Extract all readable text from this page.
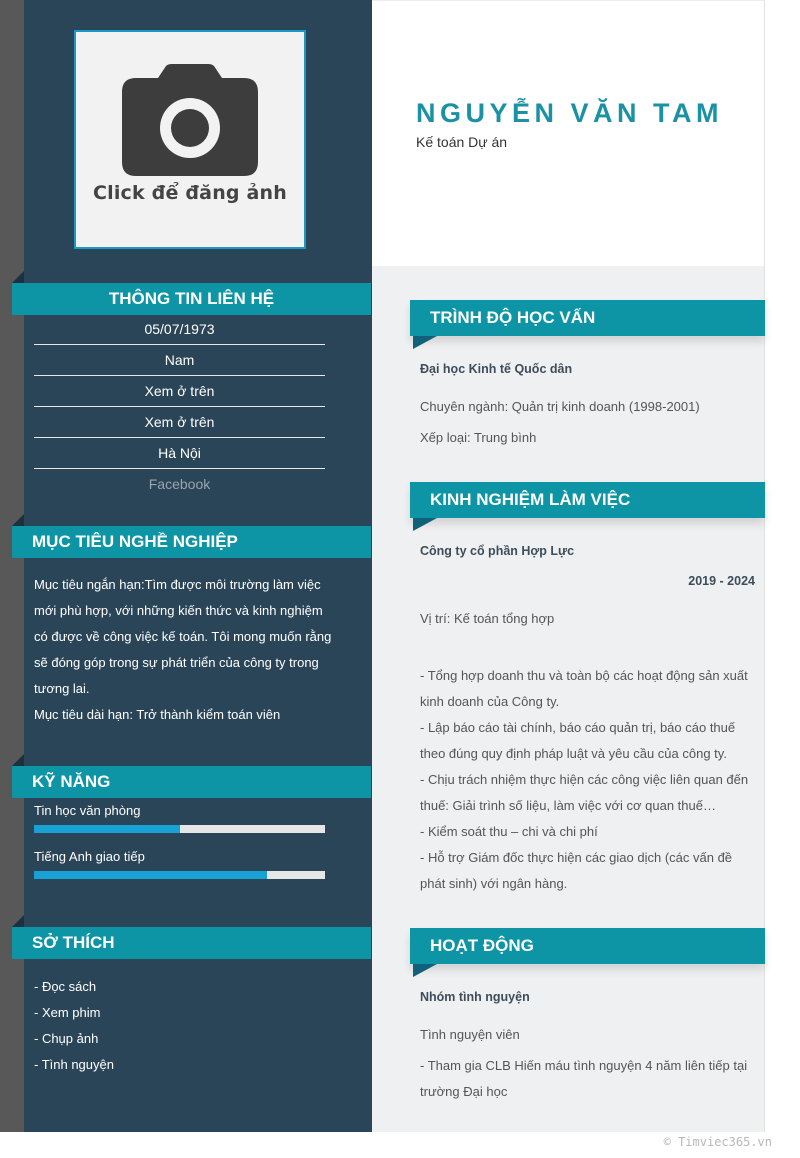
Click để đăng ảnh
NGUYỄN VĂN TAM
Kế toán Dự án
THÔNG TIN LIÊN HỆ
05/07/1973
Nam
Xem ở trên
Xem ở trên
Hà Nội
Facebook
MỤC TIÊU NGHỀ NGHIỆP

Mục tiêu ngắn hạn:Tìm được môi trường làm việc mới phù hợp, với những kiến thức và kinh nghiệm có được về công việc kế toán. Tôi mong muốn rằng sẽ đóng góp trong sự phát triển của công ty trong tương lai.

Mục tiêu dài hạn: Trở thành kiểm toán viên

KỸ NĂNG
Tin học văn phòng
Tiếng Anh giao tiếp
SỞ THÍCH
- Đọc sách
- Xem phim
- Chụp ảnh
- Tình nguyện
TRÌNH ĐỘ HỌC VẤN
Đại học Kinh tế Quốc dân
Chuyên ngành: Quản trị kinh doanh (1998-2001)
Xếp loại: Trung bình
KINH NGHIỆM LÀM VIỆC
Công ty cổ phần Hợp Lực
2019 - 2024
Vị trí: Kế toán tổng hợp
- Tổng hợp doanh thu và toàn bộ các hoạt động sản xuất kinh doanh của Công ty.
- Lập báo cáo tài chính, báo cáo quản trị, báo cáo thuế theo đúng quy định pháp luật và yêu cầu của công ty.
- Chịu trách nhiệm thực hiện các công việc liên quan đến thuế: Giải trình số liệu, làm việc với cơ quan thuế…
- Kiểm soát thu – chi và chi phí
- Hỗ trợ Giám đốc thực hiện các giao dịch (các vấn đề phát sinh) với ngân hàng.
HOẠT ĐỘNG
Nhóm tình nguyện
Tình nguyện viên
- Tham gia CLB Hiến máu tình nguyện 4 năm liên tiếp tại trường Đại học
© Timviec365.vn
